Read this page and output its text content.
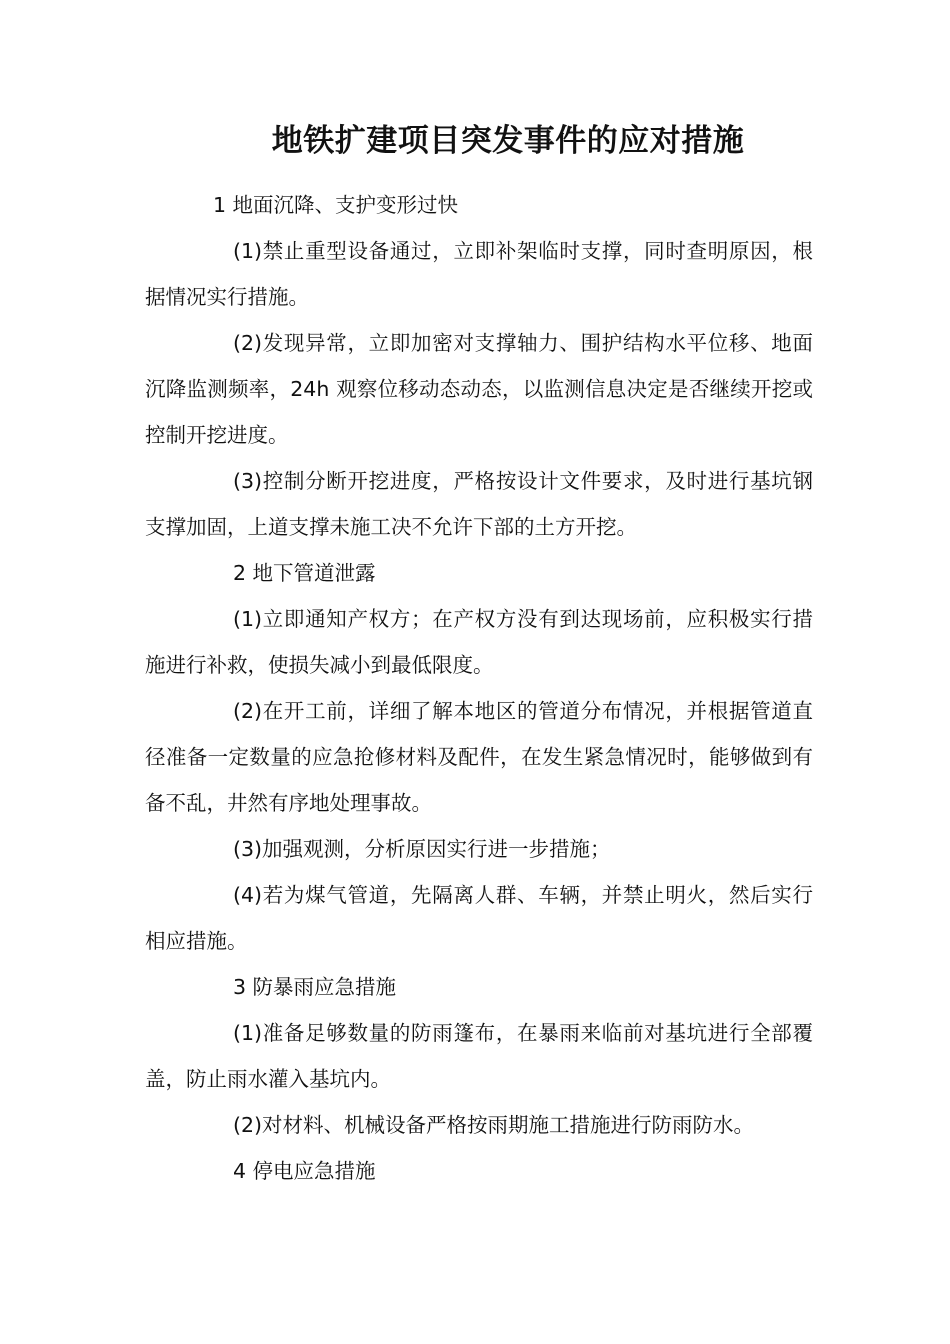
地铁扩建项目突发事件的应对措施

1 地面沉降、支护变形过快

(1)禁止重型设备通过，立即补架临时支撑，同时查明原因，根据情况实行措施。

(2)发现异常，立即加密对支撑轴力、围护结构水平位移、地面沉降监测频率，24h 观察位移动态动态，以监测信息决定是否继续开挖或控制开挖进度。

(3)控制分断开挖进度，严格按设计文件要求，及时进行基坑钢支撑加固，上道支撑未施工决不允许下部的土方开挖。

2 地下管道泄露

(1)立即通知产权方；在产权方没有到达现场前，应积极实行措施进行补救，使损失减小到最低限度。

(2)在开工前，详细了解本地区的管道分布情况，并根据管道直径准备一定数量的应急抢修材料及配件，在发生紧急情况时，能够做到有备不乱，井然有序地处理事故。

(3)加强观测，分析原因实行进一步措施；

(4)若为煤气管道，先隔离人群、车辆，并禁止明火，然后实行相应措施。

3 防暴雨应急措施

(1)准备足够数量的防雨篷布，在暴雨来临前对基坑进行全部覆盖，防止雨水灌入基坑内。

(2)对材料、机械设备严格按雨期施工措施进行防雨防水。

4 停电应急措施
